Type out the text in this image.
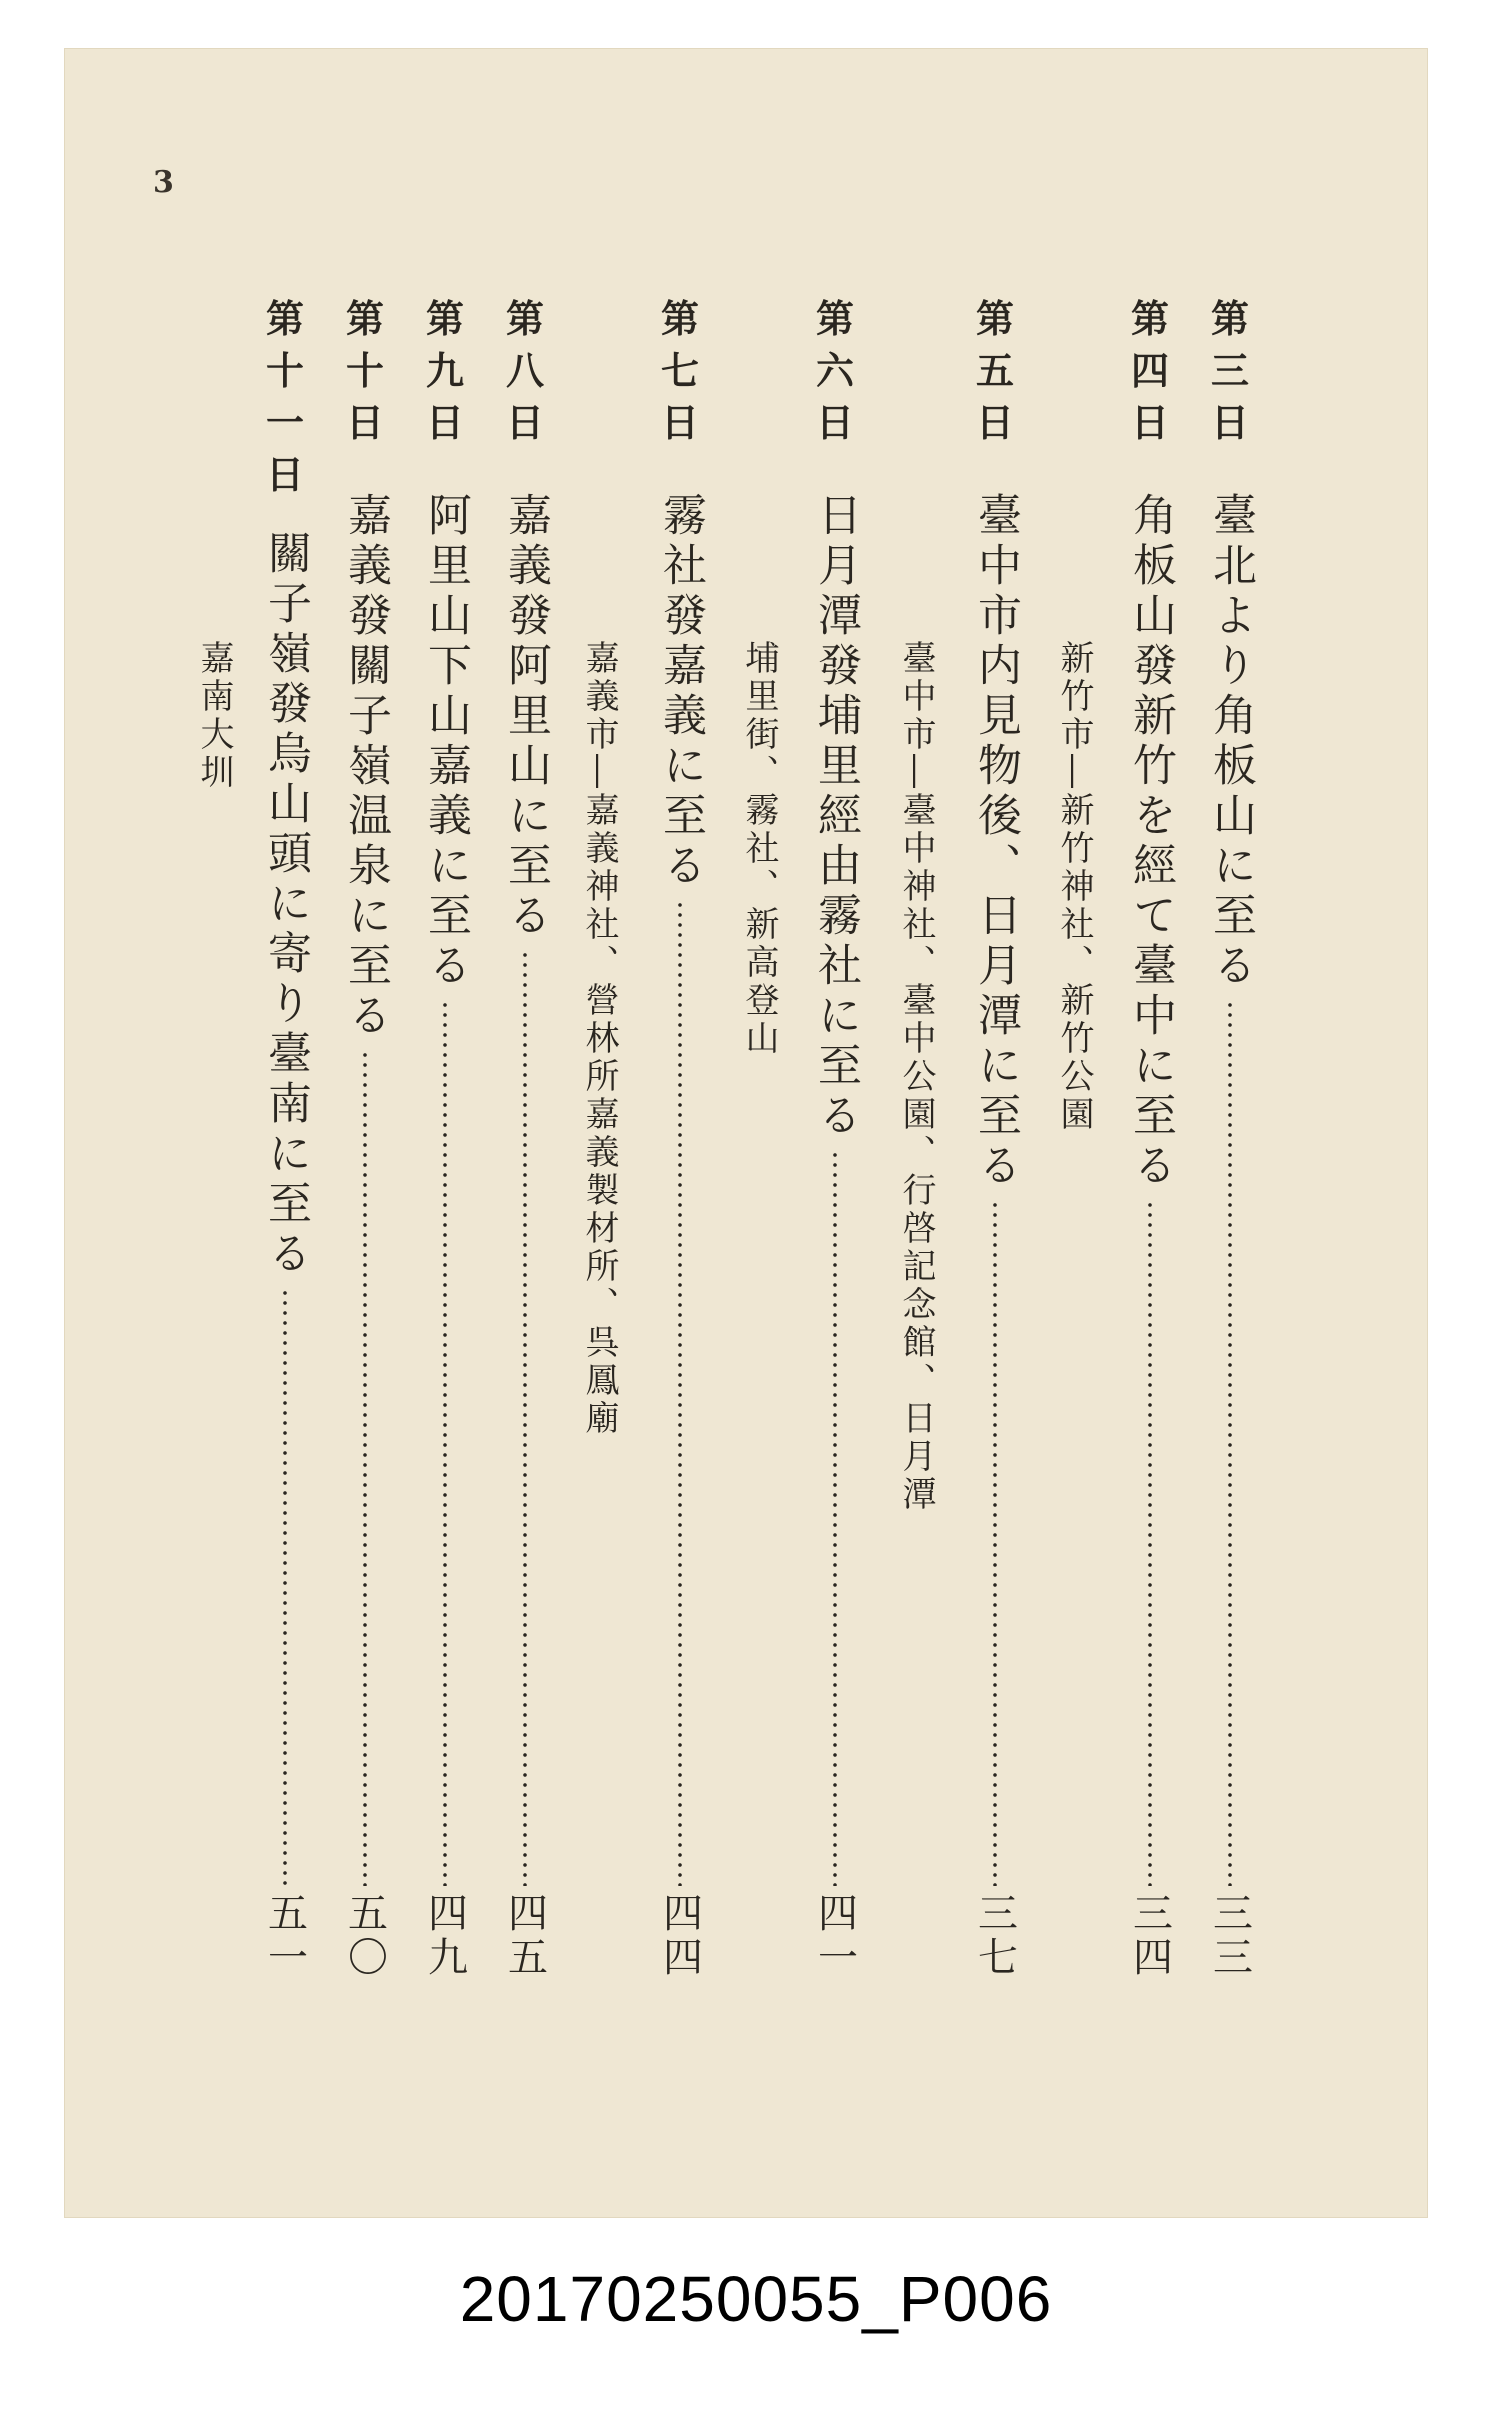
3
第
三
日
臺北より角板山に至る
三三
第
四
日
角板山發新竹を經て臺中に至る
三四
新竹市―新竹神社、新竹公園
第
五
日
臺中市内見物後、日月潭に至る
三七
臺中市―臺中神社、臺中公園、行啓記念館、日月潭
第
六
日
日月潭發埔里經由霧社に至る
四一
埔里街、霧社、新高登山
第
七
日
霧社發嘉義に至る
四四
嘉義市―嘉義神社、營林所嘉義製材所、呉鳳廟
第
八
日
嘉義發阿里山に至る
四五
第
九
日
阿里山下山嘉義に至る
四九
第
十
日
嘉義發關子嶺温泉に至る
五〇
第
十
一
日
關子嶺發烏山頭に寄り臺南に至る
五一
嘉南大圳
20170250055_P006
